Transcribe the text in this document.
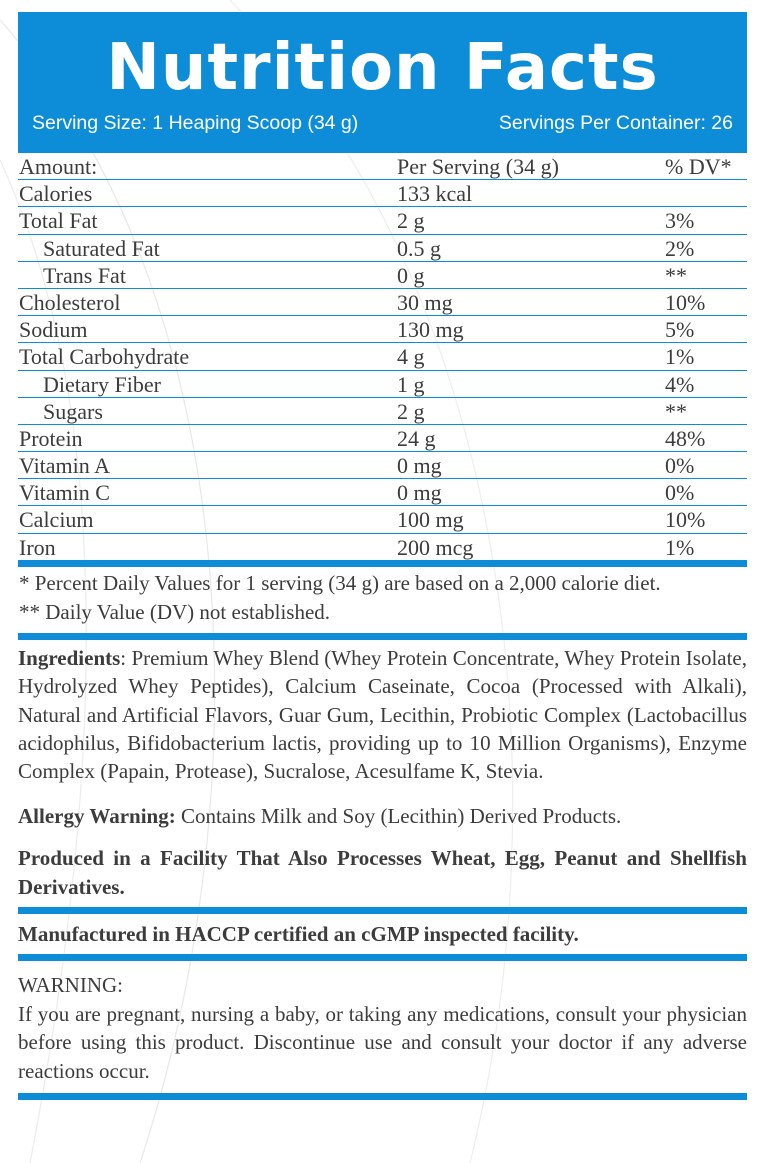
Nutrition Facts
Serving Size: 1 Heaping Scoop (34 g)	Servings Per Container: 26
Amount:	Per Serving (34 g)	% DV*
Calories	133 kcal
Total Fat	2 g	3%
Saturated Fat	0.5 g	2%
Trans Fat	0 g	**
Cholesterol	30 mg	10%
Sodium	130 mg	5%
Total Carbohydrate	4 g	1%
Dietary Fiber	1 g	4%
Sugars	2 g	**
Protein	24 g	48%
Vitamin A	0 mg	0%
Vitamin C	0 mg	0%
Calcium	100 mg	10%
Iron	200 mcg	1%
* Percent Daily Values for 1 serving (34 g) are based on a 2,000 calorie diet.
** Daily Value (DV) not established.
Ingredients: Premium Whey Blend (Whey Protein Concentrate, Whey Protein Isolate, Hydrolyzed Whey Peptides), Calcium Caseinate, Cocoa (Processed with Alkali), Natural and Artificial Flavors, Guar Gum, Lecithin, Probiotic Complex (Lactobacillus acidophilus, Bifidobacterium lactis, providing up to 10 Million Organisms), Enzyme Complex (Papain, Protease), Sucralose, Acesulfame K, Stevia.
Allergy Warning: Contains Milk and Soy (Lecithin) Derived Products.
Produced in a Facility That Also Processes Wheat, Egg, Peanut and Shellfish Derivatives.
Manufactured in HACCP certified an cGMP inspected facility.
WARNING:
If you are pregnant, nursing a baby, or taking any medications, consult your physician before using this product. Discontinue use and consult your doctor if any adverse reactions occur.
